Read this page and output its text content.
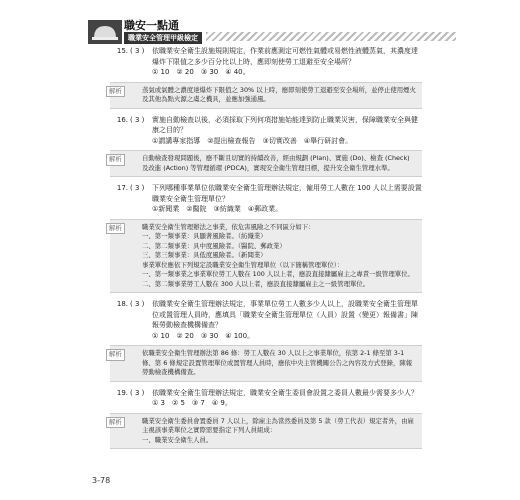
職安一點通
職業安全管理甲級檢定
15. ( 3 ) 依職業安全衛生設施規則規定，作業前應測定可燃性氣體或易燃性液體蒸氣，其濃度達爆炸下限值之多少百分比以上時，應即刻使勞工退避至安全場所？
① 10　② 20　③ 30　④ 40。
解析	蒸氣或氣體之濃度達爆炸下限值之 30% 以上時，應即刻使勞工退避至安全場所，並停止使用煙火及其他為點火源之虞之機具，並應加強通風。
16. ( 3 ) 實施自動檢查以後，必須採取下列何項措施始能達到防止職業災害，保障職業安全與健康之目的？
①謂講專家指導　②提出檢查報告　③切實改善　④舉行研討會。
解析	自動檢查發現問題後，應不斷且切實的持續改善，經由規劃 (Plan)、實施 (Do)、檢查 (Check) 及改進 (Action) 等管理循環 (PDCA)，實現安全衛生管理目標，提升安全衛生管理水準。
17. ( 3 ) 下列哪種事業單位依職業安全衛生管理辦法規定，僱用勞工人數在 100 人以上需要設置職業安全衛生管理單位？
①新聞業　②醫院　③紡織業　④郵政業。
解析	職業安全衛生管理辦法之事業，依危害風險之不同區分如下：
一、第一類事業：具顯著風險者。（紡織業）
二、第二類事業：具中度風險者。（醫院、郵政業）
三、第三類事業：具低度風險者。（新聞業）
事業單位應依下列規定設職業安全衛生管理單位（以下簡稱管理單位）：
一、第一類事業之事業單位勞工人數在 100 人以上者，應設直接隸屬雇主之專責一級管理單位。
二、第二類事業勞工人數在 300 人以上者，應設直接隸屬雇主之一級管理單位。
18. ( 3 ) 依職業安全衛生管理辦法規定，事業單位勞工人數多少人以上，設職業安全衛生管理單位或置管理人員時，應填具「職業安全衛生管理單位（人員）設置（變更）報備書」陳報勞動檢查機構備查？
① 10　② 20　③ 30　④ 100。
解析	依職業安全衛生管理辦法第 86 條：勞工人數在 30 人以上之事業單位，依第 2-1 條至第 3-1 條、第 6 條規定設置管理單位或置管理人員時，應依中央主管機關公告之內容及方式登錄，陳報勞動檢查機構備查。
19. ( 3 ) 依職業安全衛生管理辦法規定，職業安全衛生委員會設置之委員人數最少需要多少人？
① 3　② 5　③ 7　④ 9。
解析	職業安全衛生委員會置委員 7 人以上，除雇主為當然委員及第 5 款（勞工代表）規定者外，由雇主視該事業單位之實際需要指定下列人員組成：
一、職業安全衛生人員。
3-78
